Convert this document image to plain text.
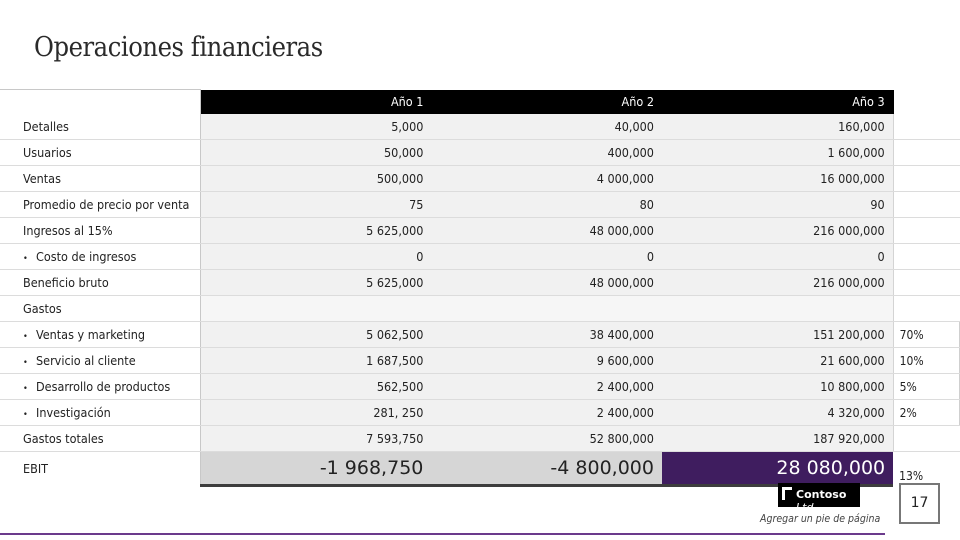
Operaciones financieras
	Año 1	Año 2	Año 3	
Detalles	5,000	40,000	160,000	
Usuarios	50,000	400,000	1 600,000	
Ventas	500,000	4 000,000	16 000,000	
Promedio de precio por venta	75	80	90	
Ingresos al 15%	5 625,000	48 000,000	216 000,000	
• Costo de ingresos	0	0	0	
Beneficio bruto	5 625,000	48 000,000	216 000,000	
Gastos				
• Ventas y marketing	5 062,500	38 400,000	151 200,000	70%
• Servicio al cliente	1 687,500	9 600,000	21 600,000	10%
• Desarrollo de productos	562,500	2 400,000	10 800,000	5%
• Investigación	281, 250	2 400,000	4 320,000	2%
Gastos totales	7 593,750	52 800,000	187 920,000	
EBIT	-1 968,750	-4 800,000	28 080,000	13%
Contoso Ltd.
Agregar un pie de página
17
